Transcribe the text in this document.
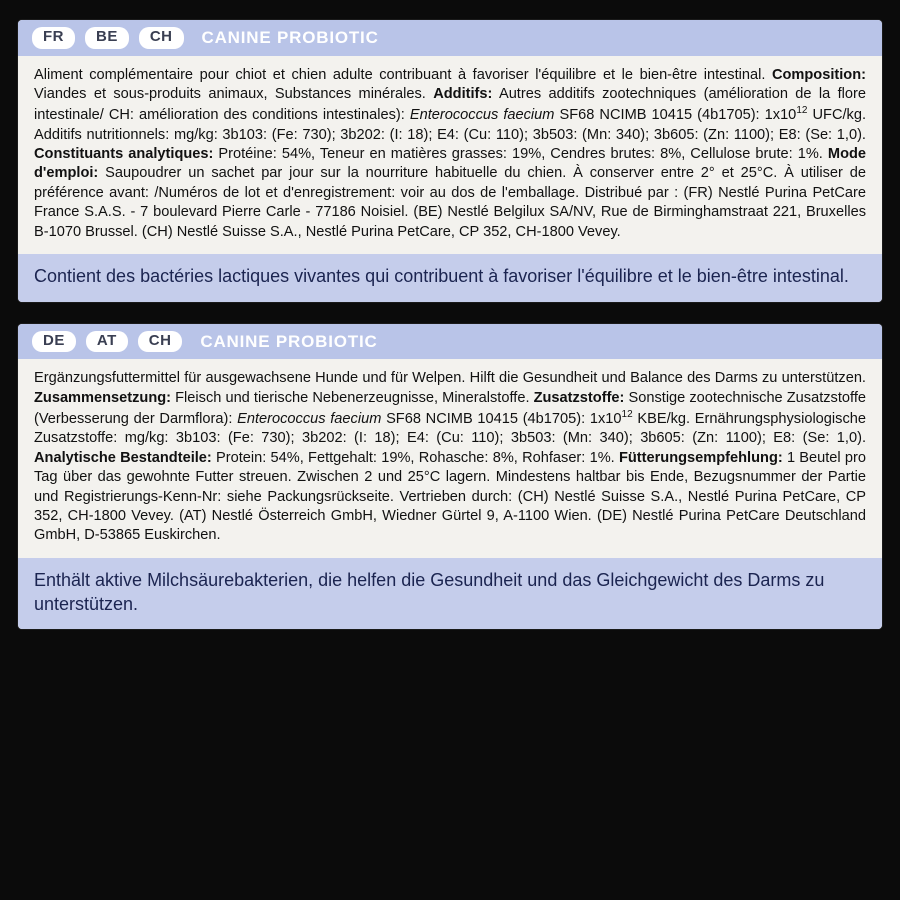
FR	BE	CH	CANINE PROBIOTIC
Aliment complémentaire pour chiot et chien adulte contribuant à favoriser l'équilibre et le bien-être intestinal. Composition: Viandes et sous-produits animaux, Substances minérales. Additifs: Autres additifs zootechniques (amélioration de la flore intestinale/ CH: amélioration des conditions intestinales): Enterococcus faecium SF68 NCIMB 10415 (4b1705): $1x10^{12}$ UFC/kg. Additifs nutritionnels: mg/kg: 3b103: (Fe: 730); 3b202: (I: 18); E4: (Cu: 110); 3b503: (Mn: 340); 3b605: (Zn: 1100); E8: (Se: 1,0). Constituants analytiques: Protéine: 54%, Teneur en matières grasses: 19%, Cendres brutes: 8%, Cellulose brute: 1%. Mode d'emploi: Saupoudrer un sachet par jour sur la nourriture habituelle du chien. À conserver entre 2° et 25°C. À utiliser de préférence avant: /Numéros de lot et d'enregistrement: voir au dos de l'emballage. Distribué par : (FR) Nestlé Purina PetCare France S.A.S. - 7 boulevard Pierre Carle - 77186 Noisiel. (BE) Nestlé Belgilux SA/NV, Rue de Birminghamstraat 221, Bruxelles B-1070 Brussel. (CH) Nestlé Suisse S.A., Nestlé Purina PetCare, CP 352, CH-1800 Vevey.
Contient des bactéries lactiques vivantes qui contribuent à favoriser l'équilibre et le bien-être intestinal.
DE	AT	CH	CANINE PROBIOTIC
Ergänzungsfuttermittel für ausgewachsene Hunde und für Welpen. Hilft die Gesundheit und Balance des Darms zu unterstützen. Zusammensetzung: Fleisch und tierische Nebenerzeugnisse, Mineralstoffe. Zusatzstoffe: Sonstige zootechnische Zusatzstoffe (Verbesserung der Darmflora): Enterococcus faecium SF68 NCIMB 10415 (4b1705): $1x10^{12}$ KBE/kg. Ernährungsphysiologische Zusatzstoffe: mg/kg: 3b103: (Fe: 730); 3b202: (I: 18); E4: (Cu: 110); 3b503: (Mn: 340); 3b605: (Zn: 1100); E8: (Se: 1,0). Analytische Bestandteile: Protein: 54%, Fettgehalt: 19%, Rohasche: 8%, Rohfaser: 1%. Fütterungsempfehlung: 1 Beutel pro Tag über das gewohnte Futter streuen. Zwischen 2 und 25°C lagern. Mindestens haltbar bis Ende, Bezugsnummer der Partie und Registrierungs-Kenn-Nr: siehe Packungsrückseite. Vertrieben durch: (CH) Nestlé Suisse S.A., Nestlé Purina PetCare, CP 352, CH-1800 Vevey. (AT) Nestlé Österreich GmbH, Wiedner Gürtel 9, A-1100 Wien. (DE) Nestlé Purina PetCare Deutschland GmbH, D-53865 Euskirchen.
Enthält aktive Milchsäurebakterien, die helfen die Gesundheit und das Gleichgewicht des Darms zu unterstützen.
